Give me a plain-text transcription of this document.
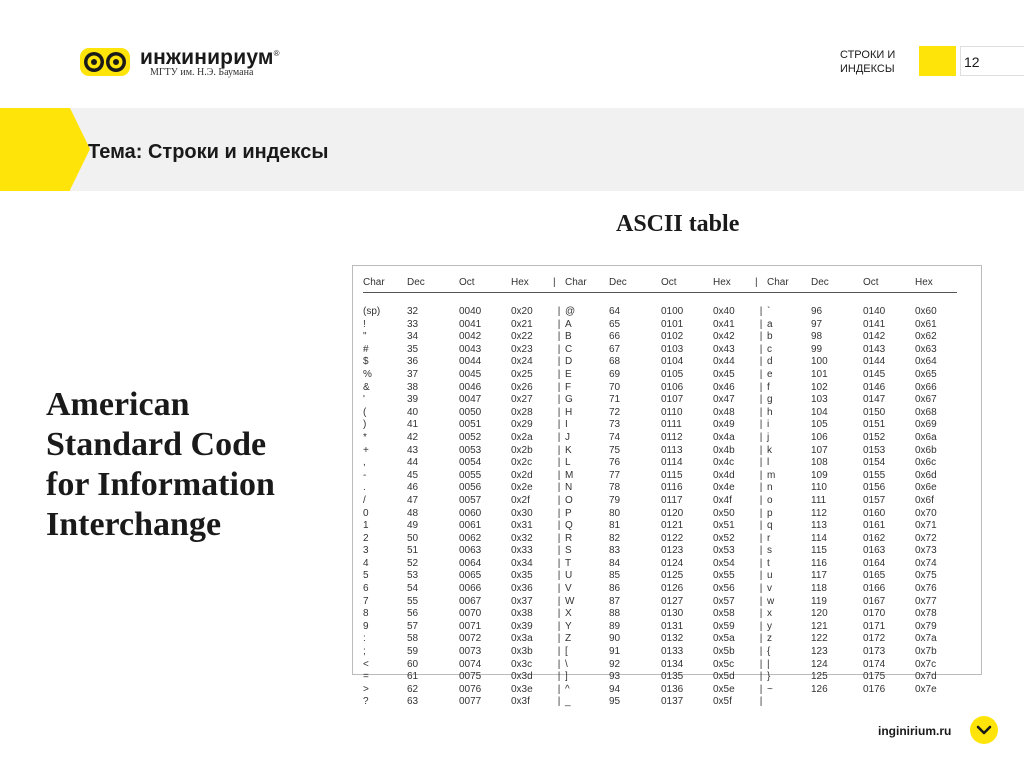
инжинириум®
МГТУ им. Н.Э. Баумана
СТРОКИ И
ИНДЕКСЫ	12
Тема: Строки и индексы
ASCII table
American
Standard Code
for Information
Interchange
Char	Dec	Oct	Hex	|	Char	Dec	Oct	Hex	|	Char	Dec	Oct	Hex

(sp)	32	0040	0x20	|	@	64	0100	0x40	|	`	96	0140	0x60
!	33	0041	0x21	|	A	65	0101	0x41	|	a	97	0141	0x61
"	34	0042	0x22	|	B	66	0102	0x42	|	b	98	0142	0x62
#	35	0043	0x23	|	C	67	0103	0x43	|	c	99	0143	0x63
$	36	0044	0x24	|	D	68	0104	0x44	|	d	100	0144	0x64
%	37	0045	0x25	|	E	69	0105	0x45	|	e	101	0145	0x65
&	38	0046	0x26	|	F	70	0106	0x46	|	f	102	0146	0x66
'	39	0047	0x27	|	G	71	0107	0x47	|	g	103	0147	0x67
(	40	0050	0x28	|	H	72	0110	0x48	|	h	104	0150	0x68
)	41	0051	0x29	|	I	73	0111	0x49	|	i	105	0151	0x69
*	42	0052	0x2a	|	J	74	0112	0x4a	|	j	106	0152	0x6a
+	43	0053	0x2b	|	K	75	0113	0x4b	|	k	107	0153	0x6b
,	44	0054	0x2c	|	L	76	0114	0x4c	|	l	108	0154	0x6c
-	45	0055	0x2d	|	M	77	0115	0x4d	|	m	109	0155	0x6d
.	46	0056	0x2e	|	N	78	0116	0x4e	|	n	110	0156	0x6e
/	47	0057	0x2f	|	O	79	0117	0x4f	|	o	111	0157	0x6f
0	48	0060	0x30	|	P	80	0120	0x50	|	p	112	0160	0x70
1	49	0061	0x31	|	Q	81	0121	0x51	|	q	113	0161	0x71
2	50	0062	0x32	|	R	82	0122	0x52	|	r	114	0162	0x72
3	51	0063	0x33	|	S	83	0123	0x53	|	s	115	0163	0x73
4	52	0064	0x34	|	T	84	0124	0x54	|	t	116	0164	0x74
5	53	0065	0x35	|	U	85	0125	0x55	|	u	117	0165	0x75
6	54	0066	0x36	|	V	86	0126	0x56	|	v	118	0166	0x76
7	55	0067	0x37	|	W	87	0127	0x57	|	w	119	0167	0x77
8	56	0070	0x38	|	X	88	0130	0x58	|	x	120	0170	0x78
9	57	0071	0x39	|	Y	89	0131	0x59	|	y	121	0171	0x79
:	58	0072	0x3a	|	Z	90	0132	0x5a	|	z	122	0172	0x7a
;	59	0073	0x3b	|	[	91	0133	0x5b	|	{	123	0173	0x7b
<	60	0074	0x3c	|	\	92	0134	0x5c	|	|	124	0174	0x7c
=	61	0075	0x3d	|	]	93	0135	0x5d	|	}	125	0175	0x7d
>	62	0076	0x3e	|	^	94	0136	0x5e	|	~	126	0176	0x7e
?	63	0077	0x3f	|	_	95	0137	0x5f	|				
inginirium.ru
